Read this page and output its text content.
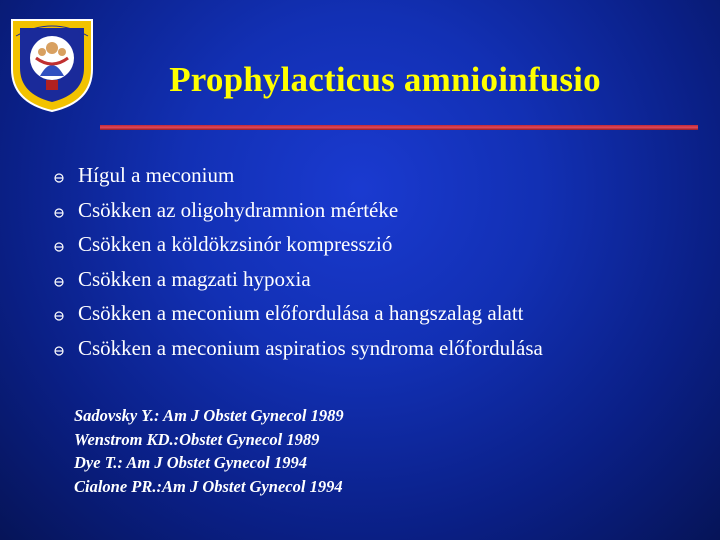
Prophylacticus amnioinfusio
Hígul a meconium
Csökken az oligohydramnion mértéke
Csökken a köldökzsinór kompresszió
Csökken a magzati hypoxia
Csökken a meconium előfordulása a hangszalag alatt
Csökken a meconium aspiratios syndroma előfordulása
Sadovsky Y.: Am J Obstet Gynecol 1989
Wenstrom KD.:Obstet Gynecol 1989
Dye T.: Am J Obstet Gynecol 1994
Cialone PR.:Am J Obstet Gynecol 1994
